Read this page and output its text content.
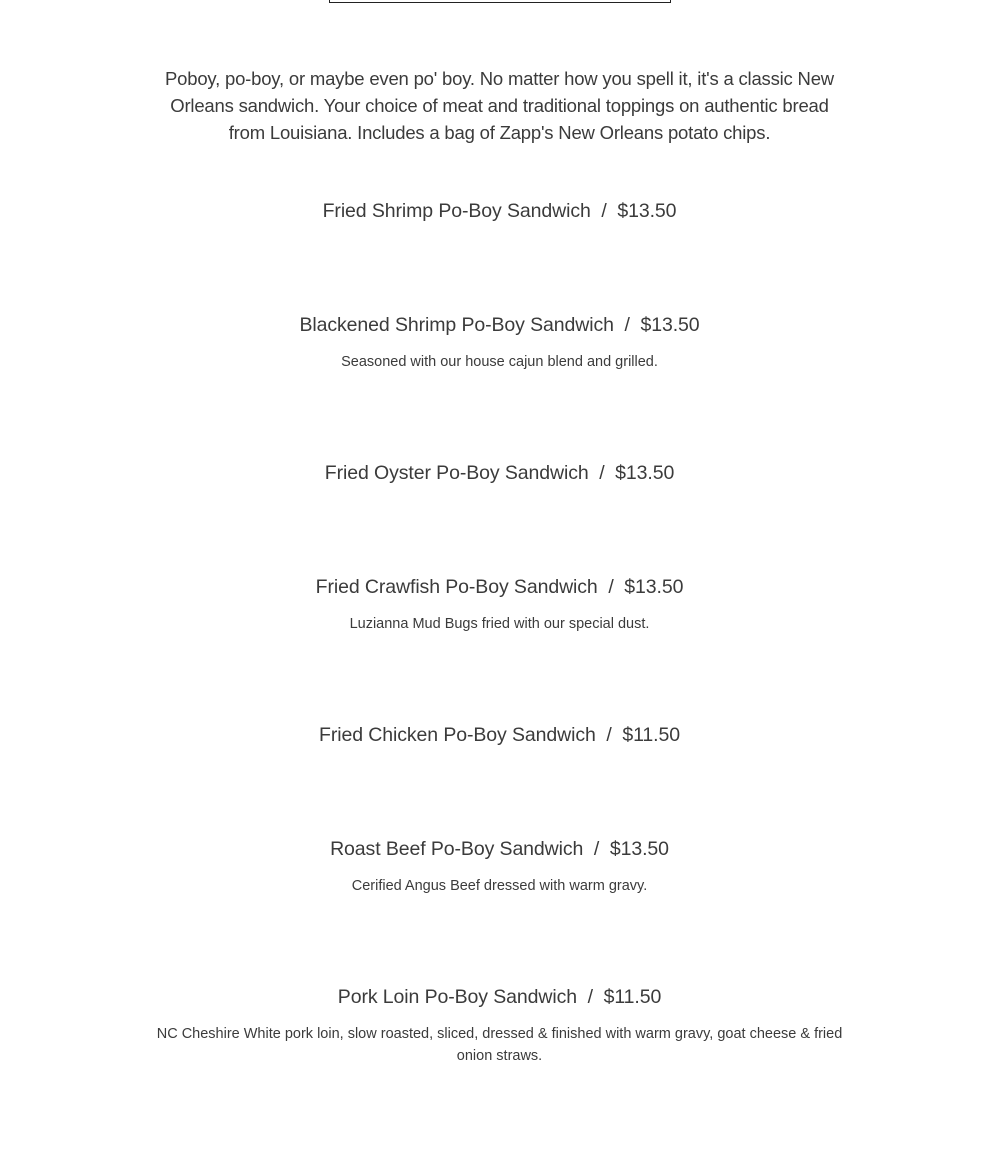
Poboy, po-boy, or maybe even po' boy. No matter how you spell it, it's a classic New Orleans sandwich. Your choice of meat and traditional toppings on authentic bread from Louisiana. Includes a bag of Zapp's New Orleans potato chips.
Fried Shrimp Po-Boy Sandwich  /  $13.50
Blackened Shrimp Po-Boy Sandwich  /  $13.50
Seasoned with our house cajun blend and grilled.
Fried Oyster Po-Boy Sandwich  /  $13.50
Fried Crawfish Po-Boy Sandwich  /  $13.50
Luzianna Mud Bugs fried with our special dust.
Fried Chicken Po-Boy Sandwich  /  $11.50
Roast Beef Po-Boy Sandwich  /  $13.50
Cerified Angus Beef dressed with warm gravy.
Pork Loin Po-Boy Sandwich  /  $11.50
NC Cheshire White pork loin, slow roasted, sliced, dressed & finished with warm gravy, goat cheese & fried onion straws.
